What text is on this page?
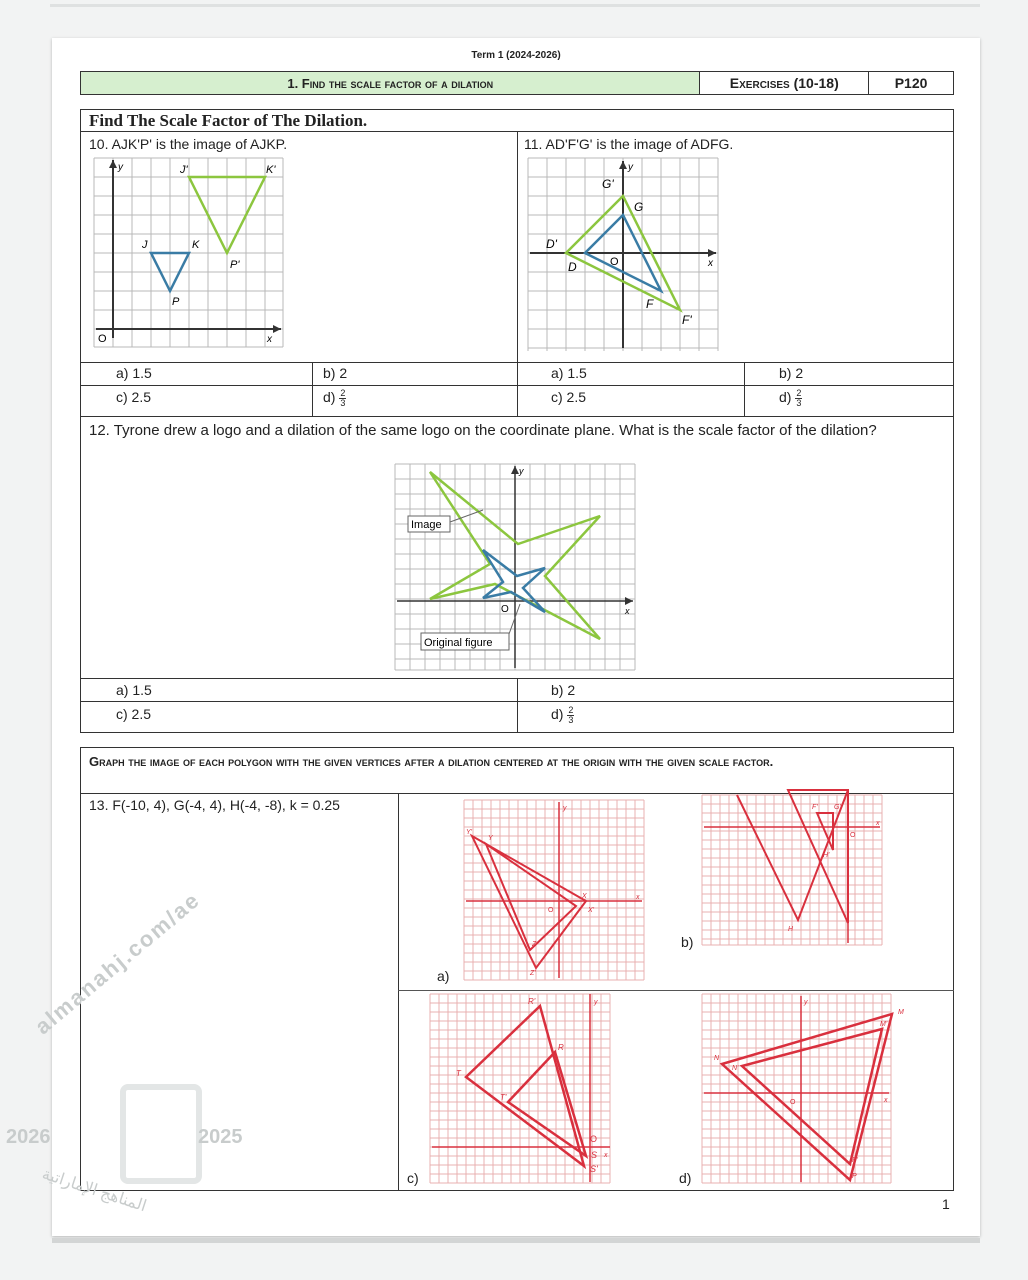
Term 1 (2024-2026)
1. Find the scale factor of a dilation	Exercises (10-18)	P120
Find The Scale Factor of The Dilation.
10. AJK'P' is the image of AJKP.	11. AD'F'G' is the image of ADFG.
y
x
O
J	K
P
J'	K'
P'
y
x
O
G'
G
D'
D
F
F'
a) 1.5	b) 2
c) 2.5	$d) \frac{2}{3}$
a) 1.5	b) 2
c) 2.5	$d) \frac{2}{3}$
12. Tyrone drew a logo and a dilation of the same logo on the coordinate plane. What is the scale factor of the dilation?
y
x
O
Image
Original figure
a) 1.5	b) 2
c) 2.5	$d) \frac{2}{3}$
Graph the image of each polygon with the given vertices after a dilation centered at the origin with the given scale factor.
13. F(-10, 4), G(-4, 4), H(-4, -8), k = 0.25	y
x
O
Y'
Y
X
X'
Z
Z'
a)
x
O
F' G'
H'
H
b)
y
x
O
R'
R
T
T'
S
S'
c)
y
x
O
M
M'
N
N'
P
P'
d)
1
almanahj.com/ae
2026	2025
المناهج الإماراتية
